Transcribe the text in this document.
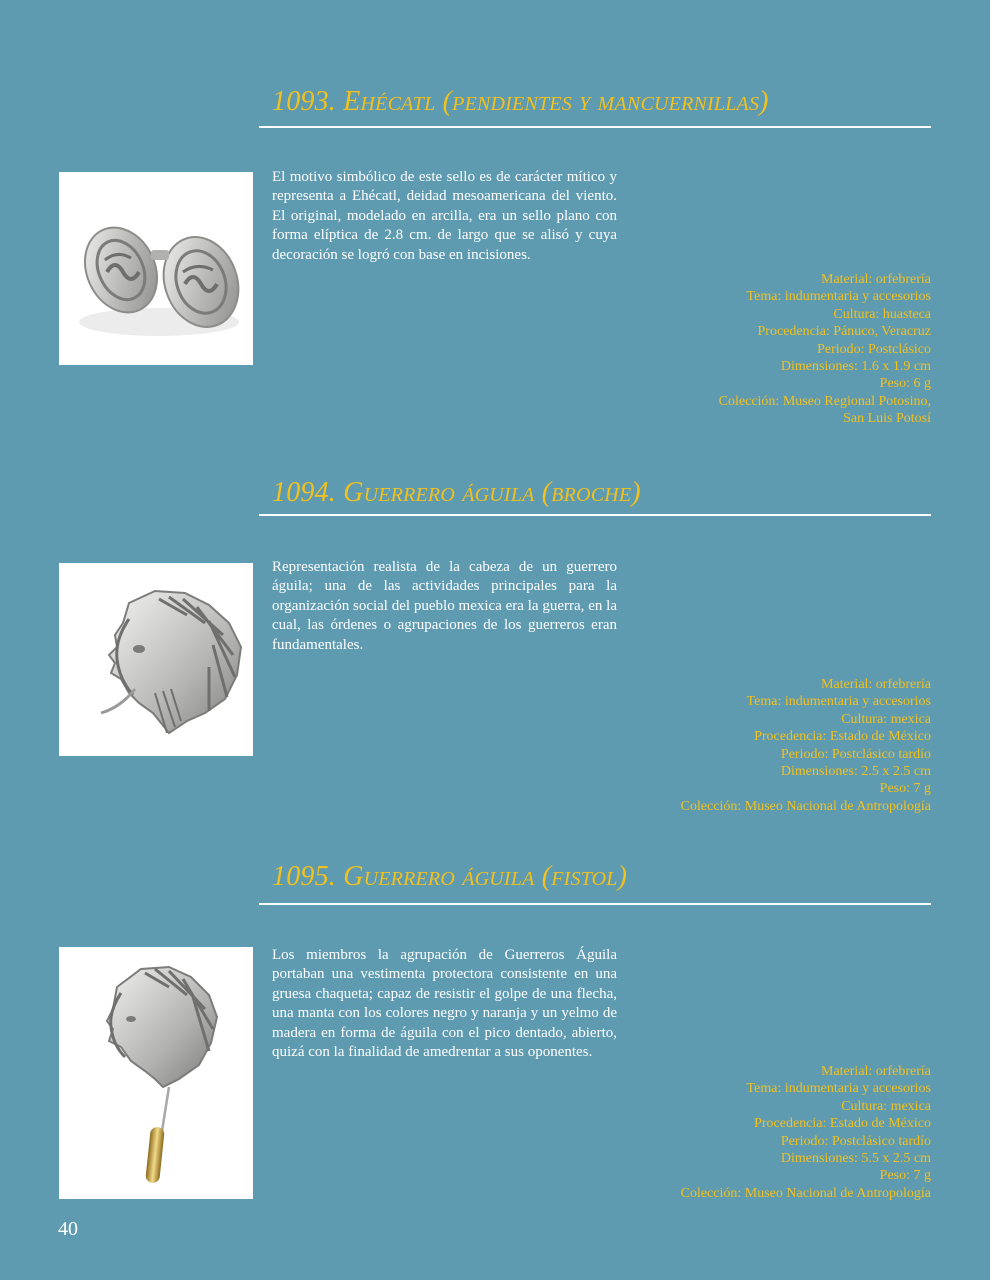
1093. Ehécatl (pendientes y mancuernillas)

El motivo simbólico de este sello es de carácter mítico y representa a Ehécatl, deidad mesoamericana del viento. El original, modelado en arcilla, era un sello plano con forma elíptica de 2.8 cm. de largo que se alisó y cuya decoración se logró con base en incisiones.

Material: orfebrería
Tema: indumentaria y accesorios
Cultura: huasteca
Procedencia: Pánuco, Veracruz
Periodo: Postclásico
Dimensiones: 1.6 x 1.9 cm
Peso: 6 g
Colección: Museo Regional Potosino,
San Luis Potosí
1094. Guerrero águila (broche)

Representación realista de la cabeza de un guerrero águila; una de las actividades principales para la organización social del pueblo mexica era la guerra, en la cual, las órdenes o agrupaciones de los guerreros eran fundamentales.

Material: orfebrería
Tema: indumentaria y accesorios
Cultura: mexica
Procedencia: Estado de México
Periodo: Postclásico tardío
Dimensiones: 2.5 x 2.5 cm
Peso: 7 g
Colección: Museo Nacional de Antropología
1095. Guerrero águila (fistol)

Los miembros la agrupación de Guerreros Águila portaban una vestimenta protectora consistente en una gruesa chaqueta; capaz de resistir el golpe de una flecha, una manta con los colores negro y naranja y un yelmo de madera en forma de águila con el pico dentado, abierto, quizá con la finalidad de amedrentar a sus oponentes.

Material: orfebrería
Tema: indumentaria y accesorios
Cultura: mexica
Procedencia: Estado de México
Periodo: Postclásico tardío
Dimensiones: 5.5 x 2.5 cm
Peso: 7 g
Colección: Museo Nacional de Antropología
40
